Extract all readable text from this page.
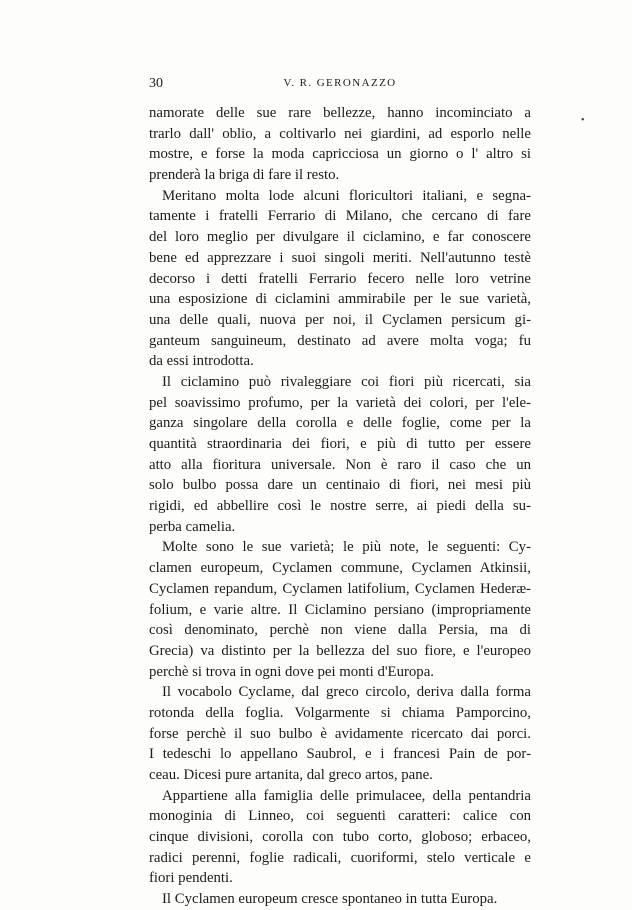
30	V. R. GERONAZZO
•
namorate delle sue rare bellezze, hanno incominciato a
trarlo dall' oblio, a coltivarlo nei giardini, ad esporlo nelle
mostre, e forse la moda capricciosa un giorno o l' altro si
prenderà la briga di fare il resto.
Meritano molta lode alcuni floricultori italiani, e segna-
tamente i fratelli Ferrario di Milano, che cercano di fare
del loro meglio per divulgare il ciclamino, e far conoscere
bene ed apprezzare i suoi singoli meriti. Nell'autunno testè
decorso i detti fratelli Ferrario fecero nelle loro vetrine
una esposizione di ciclamini ammirabile per le sue varietà,
una delle quali, nuova per noi, il Cyclamen persicum gi-
ganteum sanguineum, destinato ad avere molta voga; fu
da essi introdotta.
Il ciclamino può rivaleggiare coi fiori più ricercati, sia
pel soavissimo profumo, per la varietà dei colori, per l'ele-
ganza singolare della corolla e delle foglie, come per la
quantità straordinaria dei fiori, e più di tutto per essere
atto alla fioritura universale. Non è raro il caso che un
solo bulbo possa dare un centinaio di fiori, nei mesi più
rigidi, ed abbellire così le nostre serre, ai piedi della su-
perba camelia.
Molte sono le sue varietà; le più note, le seguenti: Cy-
clamen europeum, Cyclamen commune, Cyclamen Atkinsii,
Cyclamen repandum, Cyclamen latifolium, Cyclamen Hederæ-
folium, e varie altre. Il Ciclamino persiano (impropriamente
così denominato, perchè non viene dalla Persia, ma di
Grecia) va distinto per la bellezza del suo fiore, e l'europeo
perchè si trova in ogni dove pei monti d'Europa.
Il vocabolo Cyclame, dal greco circolo, deriva dalla forma
rotonda della foglia. Volgarmente si chiama Pamporcino,
forse perchè il suo bulbo è avidamente ricercato dai porci.
I tedeschi lo appellano Saubrol, e i francesi Pain de por-
ceau. Dicesi pure artanita, dal greco artos, pane.
Appartiene alla famiglia delle primulacee, della pentandria
monoginia di Linneo, coi seguenti caratteri: calice con
cinque divisioni, corolla con tubo corto, globoso; erbaceo,
radici perenni, foglie radicali, cuoriformi, stelo verticale e
fiori pendenti.
Il Cyclamen europeum cresce spontaneo in tutta Europa.
